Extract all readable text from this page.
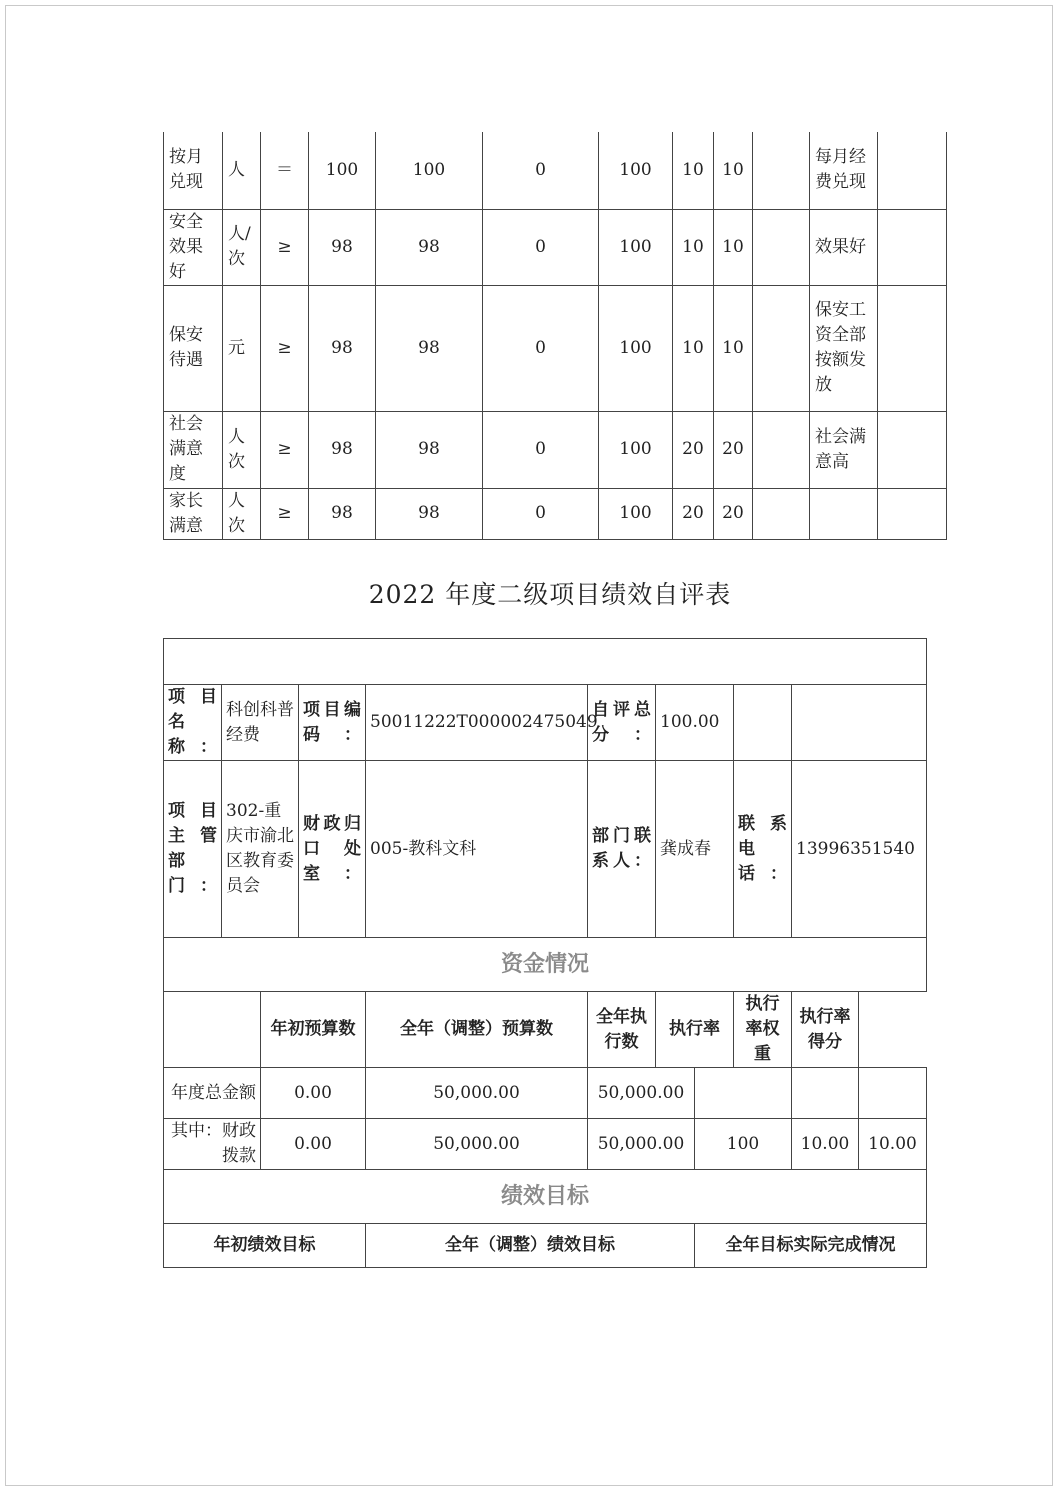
按月兑现	人	＝	100	100	0	100	10	10		每月经费兑现	
安全效果好	人/次	≥	98	98	0	100	10	10		效果好	
保安待遇	元	≥	98	98	0	100	10	10		保安工资全部按额发放	
社会满意度	人次	≥	98	98	0	100	20	20		社会满意高	
家长满意	人次	≥	98	98	0	100	20	20			
2022 年度二级项目绩效自评表

项目名称：	科创科普经费		项目编码：	50011222T000002475049	自评总分：	100.00				
项目主管部门：	302-重庆市渝北区教育委员会		财政归口处室：	005-教科文科	部门联系人：	龚成春		联系电话：	13996351540	
资金情况										
		年初预算数		全年（调整）预算数	全年执行数	执行率		执行率权重	执行率得分	
年度总金额		0.00		50,000.00	50,000.00					
其中：财政拨款		0.00		50,000.00	50,000.00		100		10.00	10.00
绩效目标										
年初绩效目标				全年（调整）绩效目标			全年目标实际完成情况			
